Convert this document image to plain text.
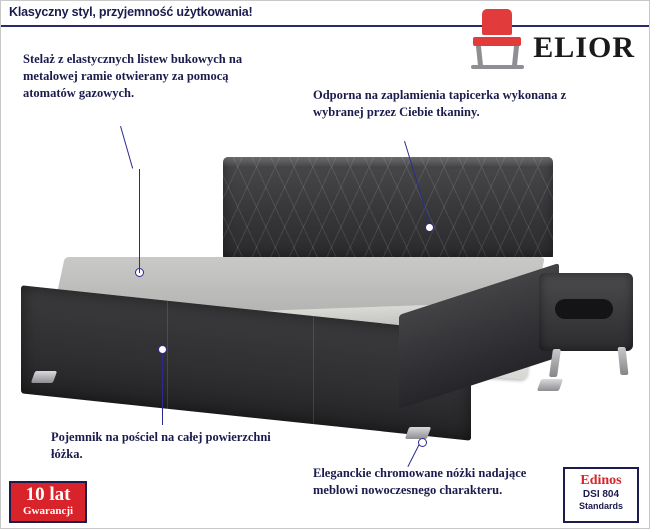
Klasyczny styl, przyjemność użytkowania!
ELIOR
Stelaż z elastycznych listew bukowych na metalowej ramie otwierany za pomocą atomatów gazowych.	Odporna na zaplamienia tapicerka wykonana z wybranej przez Ciebie tkaniny.
Pojemnik na pościel na całej powierzchni łóżka.
Eleganckie chromowane nóżki nadające meblowi nowoczesnego charakteru.
10 lat
Gwarancji
Edinos
DSI 804
Standards
